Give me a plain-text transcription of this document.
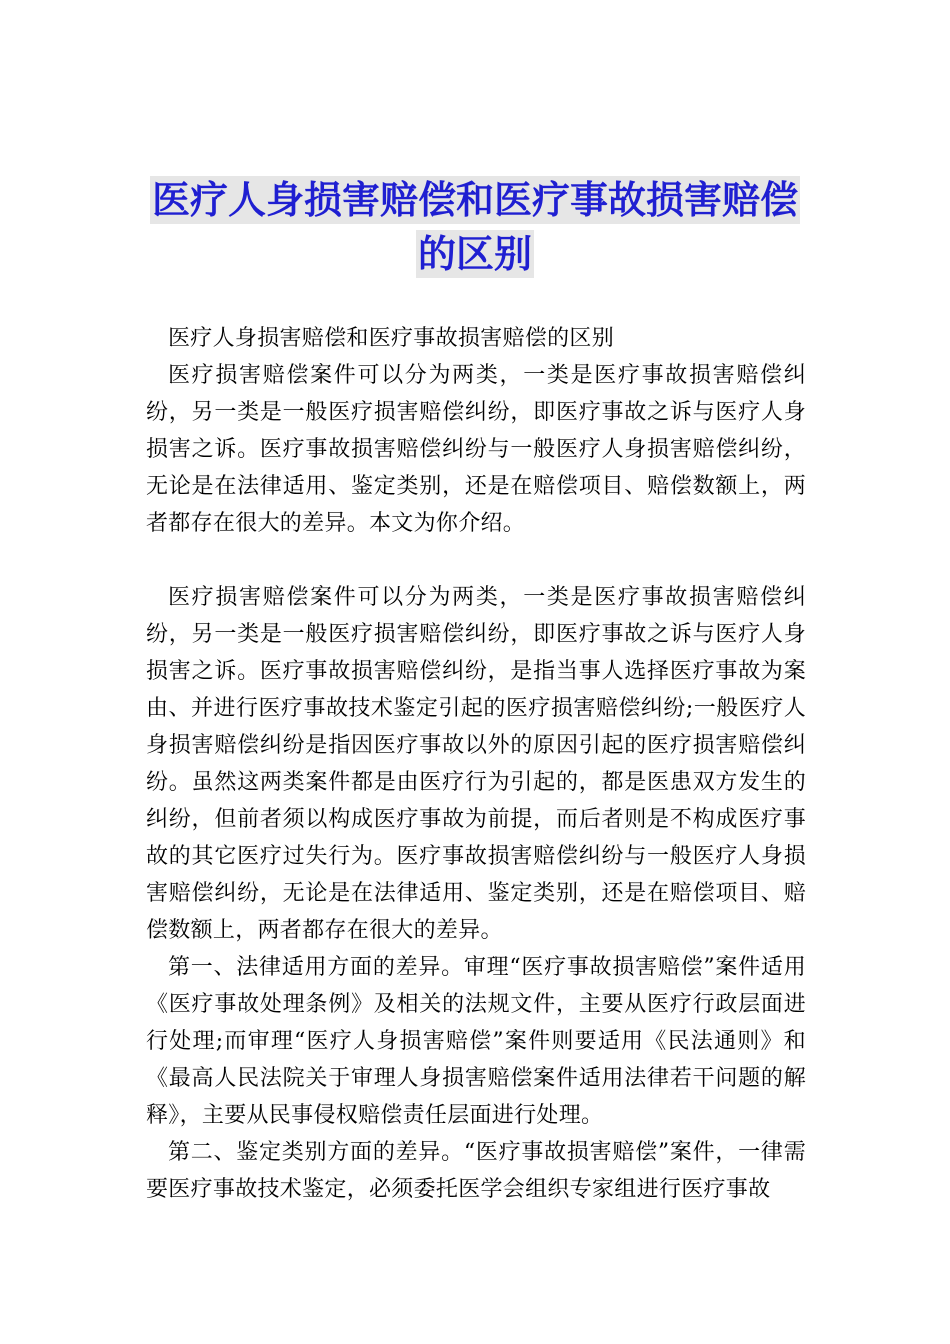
医疗人身损害赔偿和医疗事故损害赔偿
的区别

医疗人身损害赔偿和医疗事故损害赔偿的区别

医疗损害赔偿案件可以分为两类，一类是医疗事故损害赔偿纠纷，另一类是一般医疗损害赔偿纠纷，即医疗事故之诉与医疗人身损害之诉。医疗事故损害赔偿纠纷与一般医疗人身损害赔偿纠纷，无论是在法律适用、鉴定类别，还是在赔偿项目、赔偿数额上，两者都存在很大的差异。本文为你介绍。

医疗损害赔偿案件可以分为两类，一类是医疗事故损害赔偿纠纷，另一类是一般医疗损害赔偿纠纷，即医疗事故之诉与医疗人身损害之诉。医疗事故损害赔偿纠纷，是指当事人选择医疗事故为案由、并进行医疗事故技术鉴定引起的医疗损害赔偿纠纷;一般医疗人身损害赔偿纠纷是指因医疗事故以外的原因引起的医疗损害赔偿纠纷。虽然这两类案件都是由医疗行为引起的，都是医患双方发生的纠纷，但前者须以构成医疗事故为前提，而后者则是不构成医疗事故的其它医疗过失行为。医疗事故损害赔偿纠纷与一般医疗人身损害赔偿纠纷，无论是在法律适用、鉴定类别，还是在赔偿项目、赔偿数额上，两者都存在很大的差异。

第一、法律适用方面的差异。审理“医疗事故损害赔偿”案件适用《医疗事故处理条例》及相关的法规文件，主要从医疗行政层面进行处理;而审理“医疗人身损害赔偿”案件则要适用《民法通则》和《最高人民法院关于审理人身损害赔偿案件适用法律若干问题的解释》，主要从民事侵权赔偿责任层面进行处理。

第二、鉴定类别方面的差异。“医疗事故损害赔偿”案件，一律需要医疗事故技术鉴定，必须委托医学会组织专家组进行医疗事故
